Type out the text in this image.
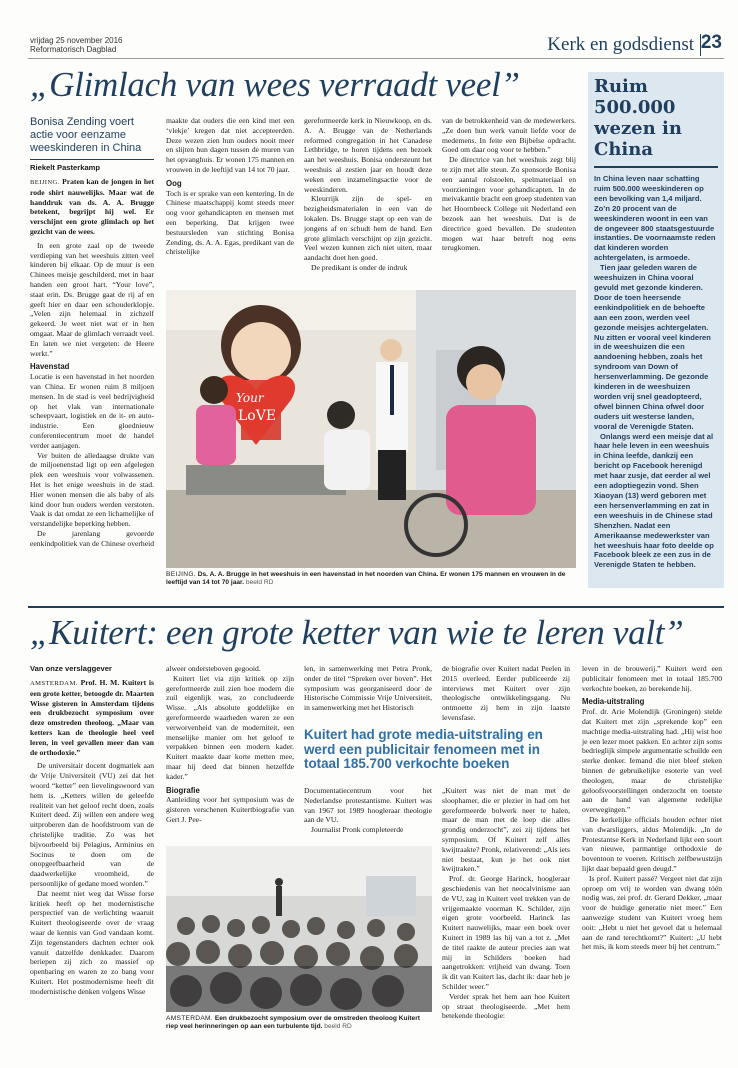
vrijdag 25 november 2016
Reformatorisch Dagblad	Kerk en godsdienst 23
„Glimlach van wees verraadt veel”
Bonisa Zending voert actie voor eenzame weeskinderen in China
Riekelt Pasterkamp

BEIJING. Praten kan de jongen in het rode shirt nauwelijks. Maar wat de handdruk van ds. A. A. Brugge betekent, begrijpt hij wel. Er verschijnt een grote glimlach op het gezicht van de wees.

In een grote zaal op de tweede verdieping van het weeshuis zitten veel kinderen bij elkaar. Op de muur is een Chinees meisje geschilderd, met in haar handen een groot hart. “Your love”, staat erin. Ds. Brugge gaat de rij af en geeft hier en daar een schouderklopje. „Velen zijn helemaal in zichzelf gekeerd. Je weet niet wat er in hen omgaat. Maar de glimlach verraadt veel. En laten we niet vergeten: de Heere werkt.”

Havenstad

Locatie is een havenstad in het noorden van China. Er wonen ruim 8 miljoen mensen. In de stad is veel bedrijvigheid op het vlak van internationale scheepvaart, logistiek en de it- en auto-industrie. Een gloednieuw conferentiecentrum moet de handel verder aanjagen.

Ver buiten de alledaagse drukte van de miljoenenstad ligt op een afgelegen plek een weeshuis voor volwassenen. Het is het enige weeshuis in de stad. Hier wonen mensen die als baby of als kind door hun ouders werden verstoten. Vaak is dat omdat ze een lichamelijke of verstandelijke beperking hebben.

De jarenlang gevoerde eenkindpolitiek van de Chinese overheid

maakte dat ouders die een kind met een ‘vlekje’ kregen dat niet accepteerden. Deze wezen zien hun ouders nooit meer en slijten hun dagen tussen de muren van het opvanghuis. Er wonen 175 mannen en vrouwen in de leeftijd van 14 tot 70 jaar.

Oog

Toch is er sprake van een kentering. In de Chinese maatschappij komt steeds meer oog voor gehandicapten en mensen met een beperking. Dat krijgen twee bestuursleden van stichting Bonisa Zending, ds. A. A. Egas, predikant van de christelijke

gereformeerde kerk in Nieuwkoop, en ds. A. A. Brugge van de Netherlands reformed congregation in het Canadese Lethbridge, te horen tijdens een bezoek aan het weeshuis. Bonisa ondersteunt het weeshuis al zestien jaar en houdt deze weken een inzamelingsactie voor de weeskinderen.

Kleurrijk zijn de spel- en bezigheidsmaterialen in een van de lokalen. Ds. Brugge stapt op een van de jongens af en schudt hem de hand. Een grote glimlach verschijnt op zijn gezicht. Veel wezen kunnen zich niet uiten, maar aandacht doet hen goed.

De predikant is onder de indruk

van de betrokkenheid van de medewerkers. „Ze doen hun werk vanuit liefde voor de medemens. In feite een Bijbelse opdracht. Goed om daar oog voor te hebben.”

De directrice van het weeshuis zegt blij te zijn met alle steun. Zo sponsorde Bonisa een aantal rolstoelen, spelmateriaal en voorzieningen voor gehandicapten. In de meivakantie bracht een groep studenten van het Hoornbeeck College uit Nederland een bezoek aan het weeshuis. Dat is de directrice goed bevallen. De studenten mogen wat haar betreft nog eens terugkomen.

Your
LoVE
BEIJING. Ds. A. A. Brugge in het weeshuis in een havenstad in het noorden van China. Er wonen 175 mannen en vrouwen in de leeftijd van 14 tot 70 jaar. beeld RD
Ruim 500.000 wezen in China

In China leven naar schatting ruim 500.000 weeskinderen op een bevolking van 1,4 miljard. Zo’n 20 procent van de weeskinderen woont in een van de ongeveer 800 staatsgestuurde instanties. De voornaamste reden dat kinderen worden achtergelaten, is armoede.

Tien jaar geleden waren de weeshuizen in China vooral gevuld met gezonde kinderen. Door de toen heersende eenkindpolitiek en de behoefte aan een zoon, werden veel gezonde meisjes achtergelaten. Nu zitten er vooral veel kinderen in de weeshuizen die een aandoening hebben, zoals het syndroom van Down of hersenverlamming. De gezonde kinderen in de weeshuizen worden vrij snel geadopteerd, ofwel binnen China ofwel door ouders uit westerse landen, vooral de Verenigde Staten.

Onlangs werd een meisje dat al haar hele leven in een weeshuis in China leefde, dankzij een bericht op Facebook herenigd met haar zusje, dat eerder al wel een adoptiegezin vond. Shen Xiaoyan (13) werd geboren met een hersenverlamming en zat in een weeshuis in de Chinese stad Shenzhen. Nadat een Amerikaanse medewerkster van het weeshuis haar foto deelde op Facebook bleek ze een zus in de Verenigde Staten te hebben.

„Kuitert: een grote ketter van wie te leren valt”
Van onze verslaggever

AMSTERDAM. Prof. H. M. Kuitert is een grote ketter, betoogde dr. Maarten Wisse gisteren in Amsterdam tijdens een drukbezocht symposium over deze omstreden theoloog. „Maar van ketters kan de theologie heel veel leren, in veel gevallen meer dan van de orthodoxie.”

De universitair docent dogmatiek aan de Vrije Universiteit (VU) zei dat het woord “ketter” een lievelingswoord van hem is. „Ketters willen de geleefde realiteit van het geloof recht doen, zoals Kuitert deed. Zij willen een andere weg uitproberen dan de hoofdstroom van de christelijke traditie. Zo was het bijvoorbeeld bij Pelagius, Arminius en Socinus te doen om de onopgeefbaarheid van de daadwerkelijke vroomheid, de persoonlijke of gedane moed worden.”

Dat neemt niet weg dat Wisse forse kritiek heeft op het modernistische perspectief van de verlichting waaruit Kuitert theologiseerde over de vraag waar de kennis van God vandaan komt. Zijn tegenstanders dachten echter ook vanuit datzelfde denkkader. Daarom beriepen zij zich zo massief op openbaring en waren ze zo bang voor Kuitert. Het postmodernisme heeft dit modernistische denken volgens Wisse

alweer ondersteboven gegooid.

Kuitert liet via zijn kritiek op zijn gereformeerde zuil zien hoe modern die zuil eigenlijk was, zo concludeerde Wisse. „Als absolute goddelijke en gereformeerde waarheden waren ze een verworvenheid van de moderniteit, een menselijke manier om het geloof te verpakken binnen een modern kader. Kuitert maakte daar korte metten mee, maar hij deed dat binnen hetzelfde kader.”

Biografie

Aanleiding voor het symposium was de gisteren verschenen Kuitertbiografie van Gert J. Pee-

len, in samenwerking met Petra Pronk, onder de titel “Spreken over boven”. Het symposium was georganiseerd door de Historische Commissie Vrije Universiteit, in samenwerking met het Historisch

de biografie over Kuitert nadat Peelen in 2015 overleed. Eerder publiceerde zij interviews met Kuitert over zijn theologische ontwikkelingsgang. Nu ontmoette zij hem in zijn laatste levensfase.

Kuitert had grote media-uitstraling en werd een publicitair fenomeen met in totaal 185.700 verkochte boeken

Documentatiecentrum voor het Nederlandse protestantisme. Kuitert was van 1967 tot 1989 hoogleraar theologie aan de VU.

Journalist Pronk completeerde

„Kuitert was niet de man met de sloophamer, die er plezier in had om het gereformeerde bolwerk neer te halen, maar de man met de loep die alles grondig onderzocht”, zei zij tijdens het symposium. Of Kuitert zelf alles kwijtraakte? Pronk, relativerend: „Als iets niet bestaat, kun je het ook niet kwijtraken.”

Prof. dr. George Harinck, hoogleraar geschiedenis van het neocalvinisme aan de VU, zag in Kuitert veel trekken van de vrijgemaakte voorman K. Schilder, zijn eigen grote voorbeeld. Harinck las Kuitert nauwelijks, maar een boek over Kuitert in 1989 las hij van a tot z. „Met de titel raakte de auteur precies aan wat mij in Schilders boeken had aangetrokken: vrijheid van dwang. Toen ik dit van Kuitert las, dacht ik: daar heb je Schilder weer.”

Verder sprak het hem aan hoe Kuitert op straat theologiseerde. „Met hem betekende theologie:

leven in de brouwerij.” Kuitert werd een publicitair fenomeen met in totaal 185.700 verkochte boeken, zo berekende hij.

Media-uitstraling

Prof. dr. Arie Molendijk (Groningen) stelde dat Kuitert met zijn „sprekende kop” een machtige media-uitstraling had. „Hij wist hoe je een lezer moet pakken. En achter zijn soms bedrieglijk simpele argumentatie schuilde een sterke denker. Iemand die niet bleef steken binnen de gebruikelijke esoterie van veel theologen, maar de christelijke geloofsvoorstellingen onderzocht en toetste aan de hand van algemene redelijke overwegingen.”

De kerkelijke officials houden echter niet van dwarsliggers, aldus Molendijk. „In de Protestantse Kerk in Nederland lijkt een soort van nieuwe, parmantige orthodoxie de boventoon te voeren. Kritisch zelfbewustzijn lijkt daar bepaald geen deugd.”

Is prof. Kuitert passé? Vergeet niet dat zijn oproep om vrij te worden van dwang tóén nodig was, zei prof. dr. Gerard Dekker, „maar voor de huidige generatie niet meer.” Een aanwezige student van Kuitert vroeg hem ooit: „Hebt u niet het gevoel dat u helemaal aan de rand terechtkomt?” Kuitert: „U hebt het mis, ik kom steeds meer bij het centrum.”

AMSTERDAM. Een drukbezocht symposium over de omstreden theoloog Kuitert riep veel herinneringen op aan een turbulente tijd. beeld RD
